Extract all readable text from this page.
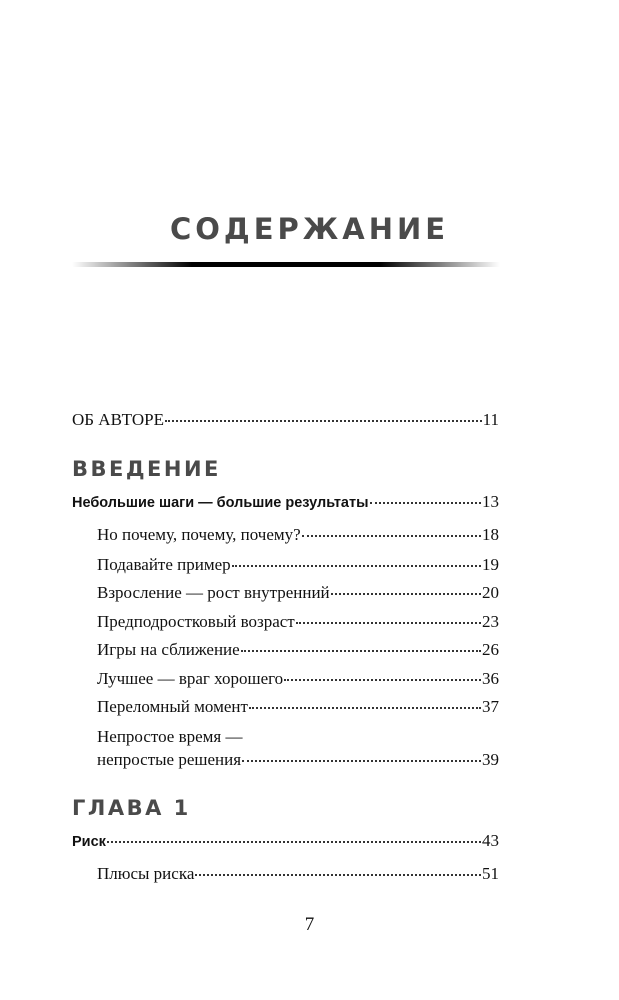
СОДЕРЖАНИЕ
ОБ АВТОРЕ	11
ВВЕДЕНИЕ
Небольшие шаги — большие результаты	13
Но почему, почему, почему?	18
Подавайте пример	19
Взросление — рост внутренний	20
Предподростковый возраст	23
Игры на сближение	26
Лучшее — враг хорошего	36
Переломный момент	37
Непростое время —
непростые решения	39
ГЛАВА 1
Риск	43
Плюсы риска	51
7
